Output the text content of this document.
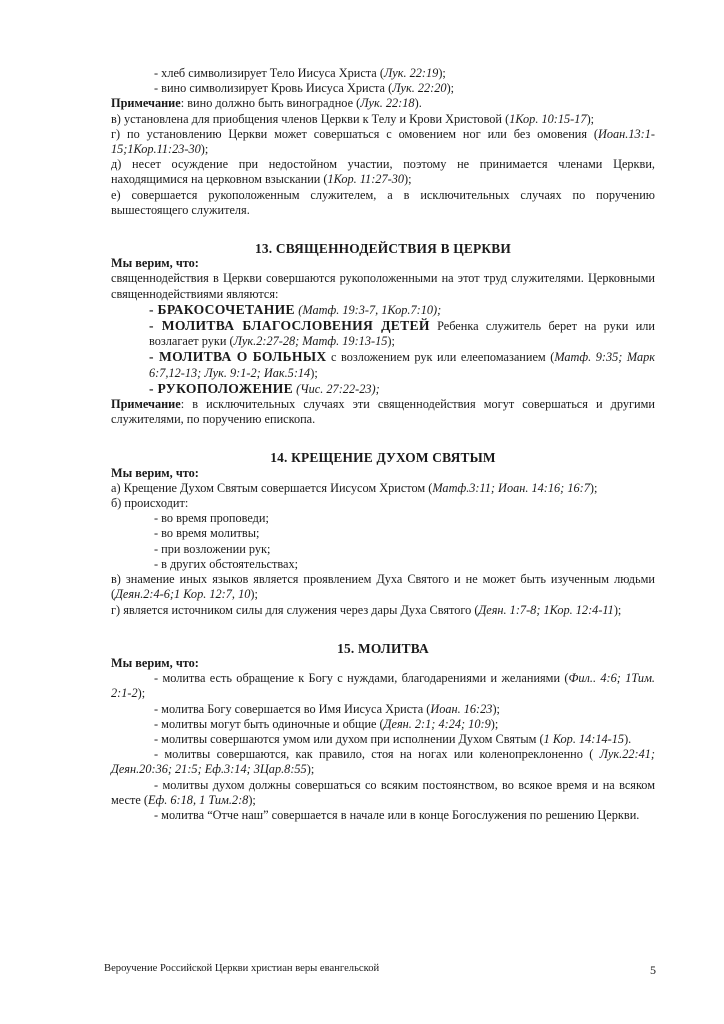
- хлеб символизирует Тело Иисуса Христа (Лук. 22:19);

- вино символизирует Кровь Иисуса Христа (Лук. 22:20);

Примечание: вино должно быть виноградное (Лук. 22:18).

в) установлена для приобщения членов Церкви к Телу и Крови Христовой (1Кор. 10:15-17);

г) по установлению Церкви может совершаться с омовением ног или без омовения (Иоан.13:1-15;1Кор.11:23-30);

д) несет осуждение при недостойном участии, поэтому не принимается членами Церкви, находящимися на церковном взыскании (1Кор. 11:27-30);

е) совершается рукоположенным служителем, а в исключительных случаях по поручению вышестоящего служителя.

13. СВЯЩЕННОДЕЙСТВИЯ В ЦЕРКВИ

Мы верим, что:

священнодействия в Церкви совершаются рукоположенными на этот труд служителями. Церковными священнодействиями являются:

- БРАКОСОЧЕТАНИЕ (Матф. 19:3-7, 1Кор.7:10);

- МОЛИТВА БЛАГОСЛОВЕНИЯ ДЕТЕЙ Ребенка служитель берет на руки или возлагает руки (Лук.2:27-28; Матф. 19:13-15);

- МОЛИТВА О БОЛЬНЫХ с возложением рук или елеепомазанием (Матф. 9:35; Марк 6:7,12-13; Лук. 9:1-2; Иак.5:14);

- РУКОПОЛОЖЕНИЕ (Чис. 27:22-23);

Примечание: в исключительных случаях эти священнодействия могут совершаться и другими служителями, по поручению епископа.

14. КРЕЩЕНИЕ ДУХОМ СВЯТЫМ

Мы верим, что:

а) Крещение Духом Святым совершается Иисусом Христом (Матф.3:11; Иоан. 14:16; 16:7);

б) происходит:

- во время проповеди;

- во время молитвы;

- при возложении рук;

- в других обстоятельствах;

в) знамение иных языков является проявлением Духа Святого и не может быть изученным людьми (Деян.2:4-6;1 Кор. 12:7, 10);

г) является источником силы для служения через дары Духа Святого (Деян. 1:7-8; 1Кор. 12:4-11);

15. МОЛИТВА

Мы верим, что:

- молитва есть обращение к Богу с нуждами, благодарениями и желаниями (Фил.. 4:6; 1Тим. 2:1-2);

- молитва Богу совершается во Имя Иисуса Христа (Иоан. 16:23);

- молитвы могут быть одиночные и общие (Деян. 2:1; 4:24; 10:9);

- молитвы совершаются умом или духом при исполнении Духом Святым (1 Кор. 14:14-15).

- молитвы совершаются, как правило, стоя на ногах или коленопреклоненно ( Лук.22:41; Деян.20:36; 21:5; Еф.3:14; 3Цар.8:55);

- молитвы духом должны совершаться со всяким постоянством, во всякое время и на всяком месте (Еф. 6:18, 1 Тим.2:8);

- молитва “Отче наш” совершается в начале или в конце Богослужения по решению Церкви.

Вероучение Российской Церкви христиан веры евангельской	5
